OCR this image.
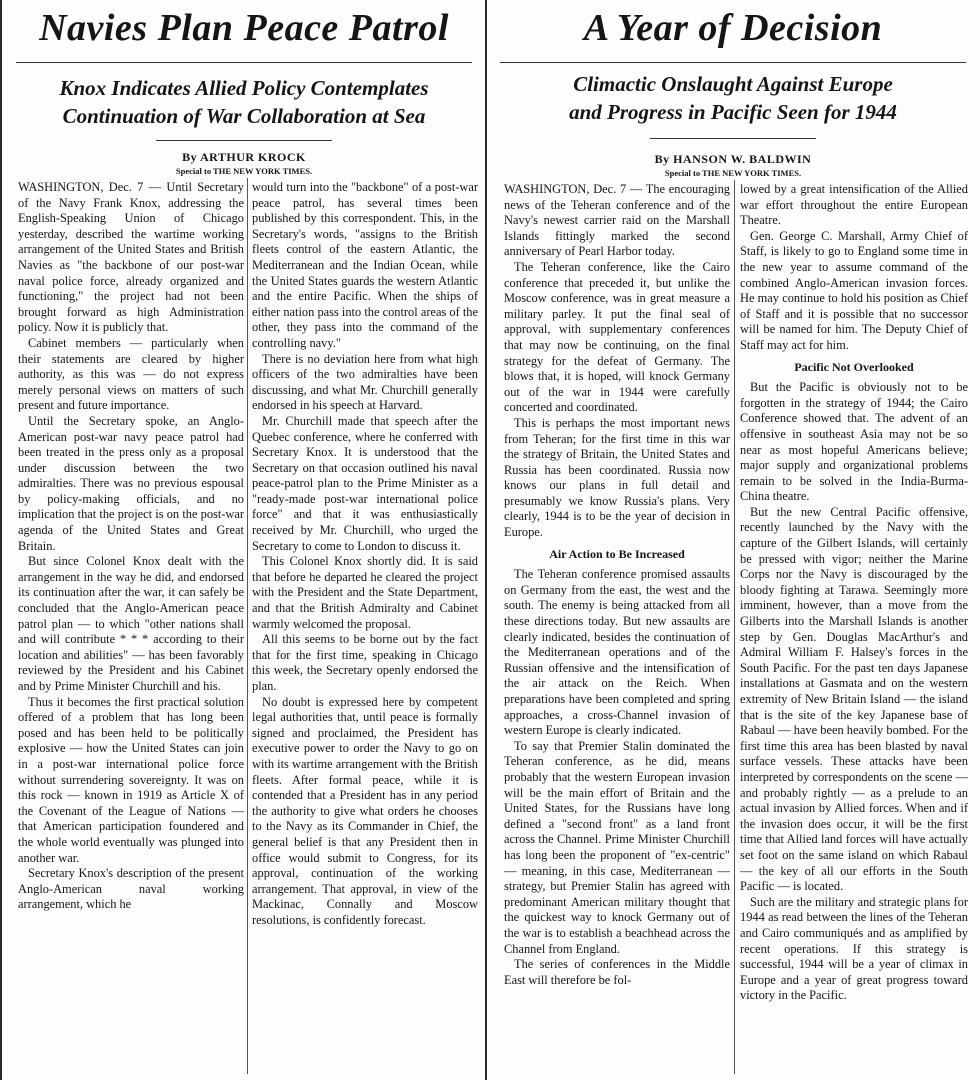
Navies Plan Peace Patrol
Knox Indicates Allied Policy Contemplates
Continuation of War Collaboration at Sea
By ARTHUR KROCK
Special to THE NEW YORK TIMES.

WASHINGTON, Dec. 7 — Until Secretary of the Navy Frank Knox, addressing the English-Speaking Union of Chicago yesterday, described the wartime working arrangement of the United States and British Navies as "the backbone of our post-war naval police force, already organized and functioning," the project had not been brought forward as high Administration policy. Now it is publicly that.

Cabinet members — particularly when their statements are cleared by higher authority, as this was — do not express merely personal views on matters of such present and future importance.

Until the Secretary spoke, an Anglo-American post-war navy peace patrol had been treated in the press only as a proposal under discussion between the two admiralties. There was no previous espousal by policy-making officials, and no implication that the project is on the post-war agenda of the United States and Great Britain.

But since Colonel Knox dealt with the arrangement in the way he did, and endorsed its continuation after the war, it can safely be concluded that the Anglo-American peace patrol plan — to which "other nations shall and will contribute * * * according to their location and abilities" — has been favorably reviewed by the President and his Cabinet and by Prime Minister Churchill and his.

Thus it becomes the first practical solution offered of a problem that has long been posed and has been held to be politically explosive — how the United States can join in a post-war international police force without surrendering sovereignty. It was on this rock — known in 1919 as Article X of the Covenant of the League of Nations — that American participation foundered and the whole world eventually was plunged into another war.

Secretary Knox's description of the present Anglo-American naval working arrangement, which he

would turn into the "backbone" of a post-war peace patrol, has several times been published by this correspondent. This, in the Secretary's words, "assigns to the British fleets control of the eastern Atlantic, the Mediterranean and the Indian Ocean, while the United States guards the western Atlantic and the entire Pacific. When the ships of either nation pass into the control areas of the other, they pass into the command of the controlling navy."

There is no deviation here from what high officers of the two admiralties have been discussing, and what Mr. Churchill generally endorsed in his speech at Harvard.

Mr. Churchill made that speech after the Quebec conference, where he conferred with Secretary Knox. It is understood that the Secretary on that occasion outlined his naval peace-patrol plan to the Prime Minister as a "ready-made post-war international police force" and that it was enthusiastically received by Mr. Churchill, who urged the Secretary to come to London to discuss it.

This Colonel Knox shortly did. It is said that before he departed he cleared the project with the President and the State Department, and that the British Admiralty and Cabinet warmly welcomed the proposal.

All this seems to be borne out by the fact that for the first time, speaking in Chicago this week, the Secretary openly endorsed the plan.

No doubt is expressed here by competent legal authorities that, until peace is formally signed and proclaimed, the President has executive power to order the Navy to go on with its wartime arrangement with the British fleets. After formal peace, while it is contended that a President has in any period the authority to give what orders he chooses to the Navy as its Commander in Chief, the general belief is that any President then in office would submit to Congress, for its approval, continuation of the working arrangement. That approval, in view of the Mackinac, Connally and Moscow resolutions, is confidently forecast.

A Year of Decision
Climactic Onslaught Against Europe
and Progress in Pacific Seen for 1944
By HANSON W. BALDWIN
Special to THE NEW YORK TIMES.

WASHINGTON, Dec. 7 — The encouraging news of the Teheran conference and of the Navy's newest carrier raid on the Marshall Islands fittingly marked the second anniversary of Pearl Harbor today.

The Teheran conference, like the Cairo conference that preceded it, but unlike the Moscow conference, was in great measure a military parley. It put the final seal of approval, with supplementary conferences that may now be continuing, on the final strategy for the defeat of Germany. The blows that, it is hoped, will knock Germany out of the war in 1944 were carefully concerted and coordinated.

This is perhaps the most important news from Teheran; for the first time in this war the strategy of Britain, the United States and Russia has been coordinated. Russia now knows our plans in full detail and presumably we know Russia's plans. Very clearly, 1944 is to be the year of decision in Europe.

Air Action to Be Increased

The Teheran conference promised assaults on Germany from the east, the west and the south. The enemy is being attacked from all these directions today. But new assaults are clearly indicated, besides the continuation of the Mediterranean operations and of the Russian offensive and the intensification of the air attack on the Reich. When preparations have been completed and spring approaches, a cross-Channel invasion of western Europe is clearly indicated.

To say that Premier Stalin dominated the Teheran conference, as he did, means probably that the western European invasion will be the main effort of Britain and the United States, for the Russians have long defined a "second front" as a land front across the Channel. Prime Minister Churchill has long been the proponent of "ex-centric" — meaning, in this case, Mediterranean — strategy, but Premier Stalin has agreed with predominant American military thought that the quickest way to knock Germany out of the war is to establish a beachhead across the Channel from England.

The series of conferences in the Middle East will therefore be fol-

lowed by a great intensification of the Allied war effort throughout the entire European Theatre.

Gen. George C. Marshall, Army Chief of Staff, is likely to go to England some time in the new year to assume command of the combined Anglo-American invasion forces. He may continue to hold his position as Chief of Staff and it is possible that no successor will be named for him. The Deputy Chief of Staff may act for him.

Pacific Not Overlooked

But the Pacific is obviously not to be forgotten in the strategy of 1944; the Cairo Conference showed that. The advent of an offensive in southeast Asia may not be so near as most hopeful Americans believe; major supply and organizational problems remain to be solved in the India-Burma-China theatre.

But the new Central Pacific offensive, recently launched by the Navy with the capture of the Gilbert Islands, will certainly be pressed with vigor; neither the Marine Corps nor the Navy is discouraged by the bloody fighting at Tarawa. Seemingly more imminent, however, than a move from the Gilberts into the Marshall Islands is another step by Gen. Douglas MacArthur's and Admiral William F. Halsey's forces in the South Pacific. For the past ten days Japanese installations at Gasmata and on the western extremity of New Britain Island — the island that is the site of the key Japanese base of Rabaul — have been heavily bombed. For the first time this area has been blasted by naval surface vessels. These attacks have been interpreted by correspondents on the scene — and probably rightly — as a prelude to an actual invasion by Allied forces. When and if the invasion does occur, it will be the first time that Allied land forces will have actually set foot on the same island on which Rabaul — the key of all our efforts in the South Pacific — is located.

Such are the military and strategic plans for 1944 as read between the lines of the Teheran and Cairo communiqués and as amplified by recent operations. If this strategy is successful, 1944 will be a year of climax in Europe and a year of great progress toward victory in the Pacific.
